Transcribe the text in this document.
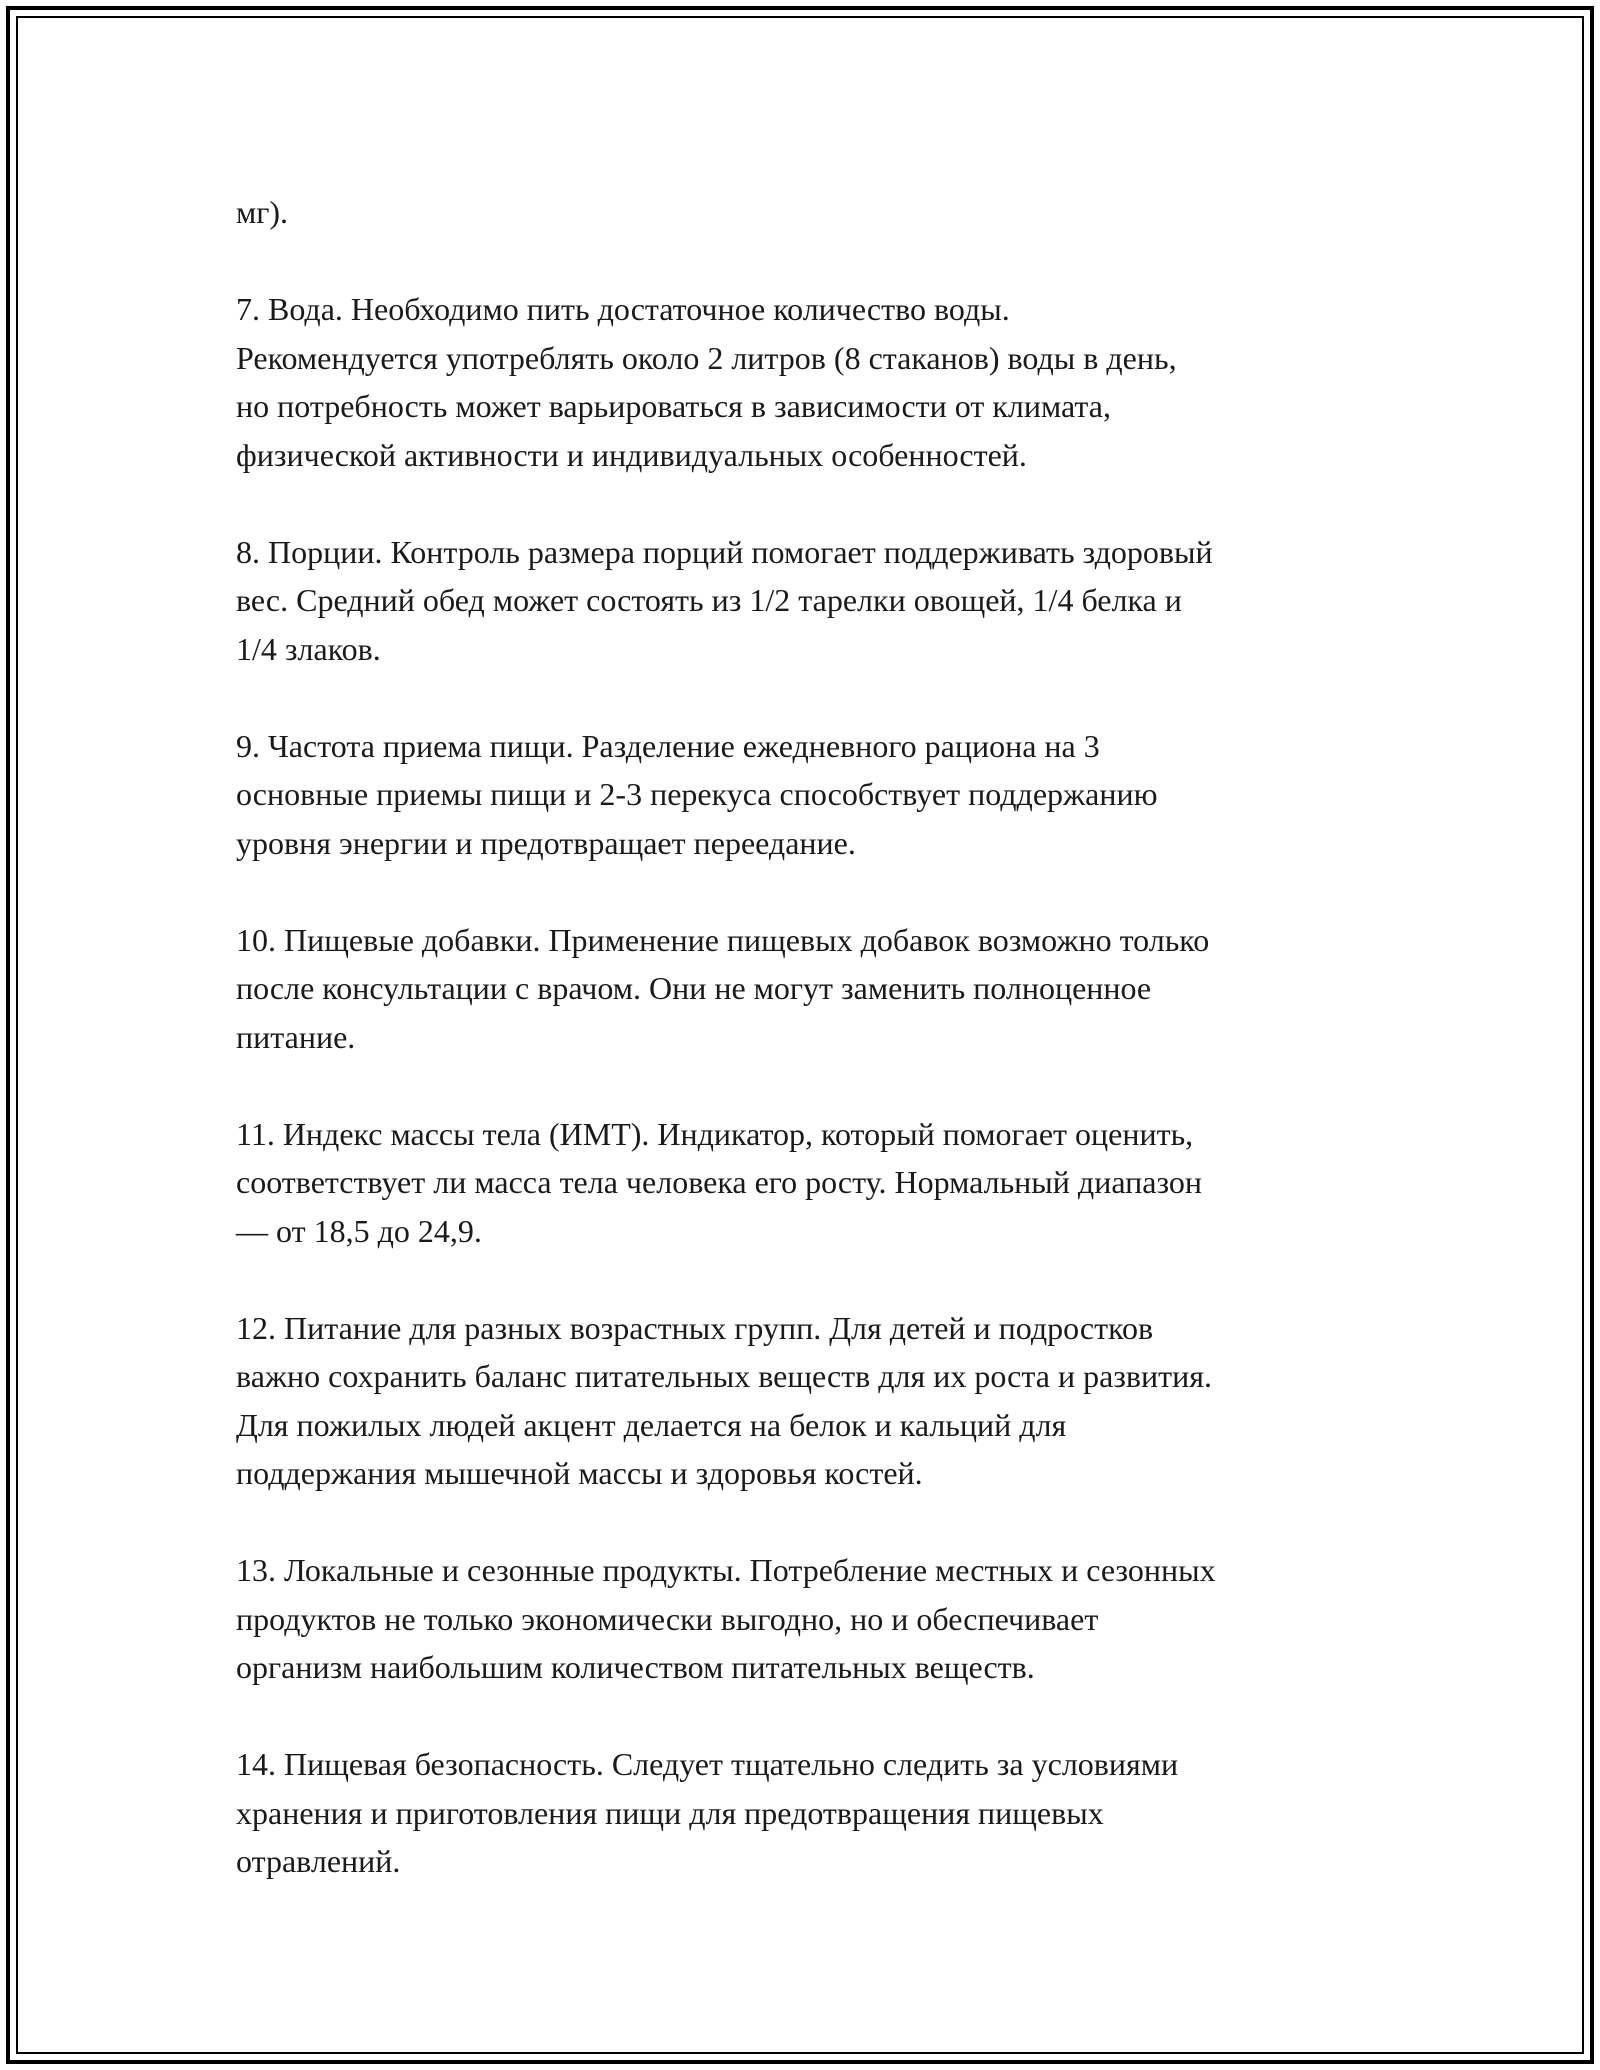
мг).

7. Вода. Необходимо пить достаточное количество воды.
Рекомендуется употреблять около 2 литров (8 стаканов) воды в день,
но потребность может варьироваться в зависимости от климата,
физической активности и индивидуальных особенностей.

8. Порции. Контроль размера порций помогает поддерживать здоровый
вес. Средний обед может состоять из 1/2 тарелки овощей, 1/4 белка и
1/4 злаков.

9. Частота приема пищи. Разделение ежедневного рациона на 3
основные приемы пищи и 2-3 перекуса способствует поддержанию
уровня энергии и предотвращает переедание.

10. Пищевые добавки. Применение пищевых добавок возможно только
после консультации с врачом. Они не могут заменить полноценное
питание.

11. Индекс массы тела (ИМТ). Индикатор, который помогает оценить,
соответствует ли масса тела человека его росту. Нормальный диапазон
— от 18,5 до 24,9.

12. Питание для разных возрастных групп. Для детей и подростков
важно сохранить баланс питательных веществ для их роста и развития.
Для пожилых людей акцент делается на белок и кальций для
поддержания мышечной массы и здоровья костей.

13. Локальные и сезонные продукты. Потребление местных и сезонных
продуктов не только экономически выгодно, но и обеспечивает
организм наибольшим количеством питательных веществ.

14. Пищевая безопасность. Следует тщательно следить за условиями
хранения и приготовления пищи для предотвращения пищевых
отравлений.
